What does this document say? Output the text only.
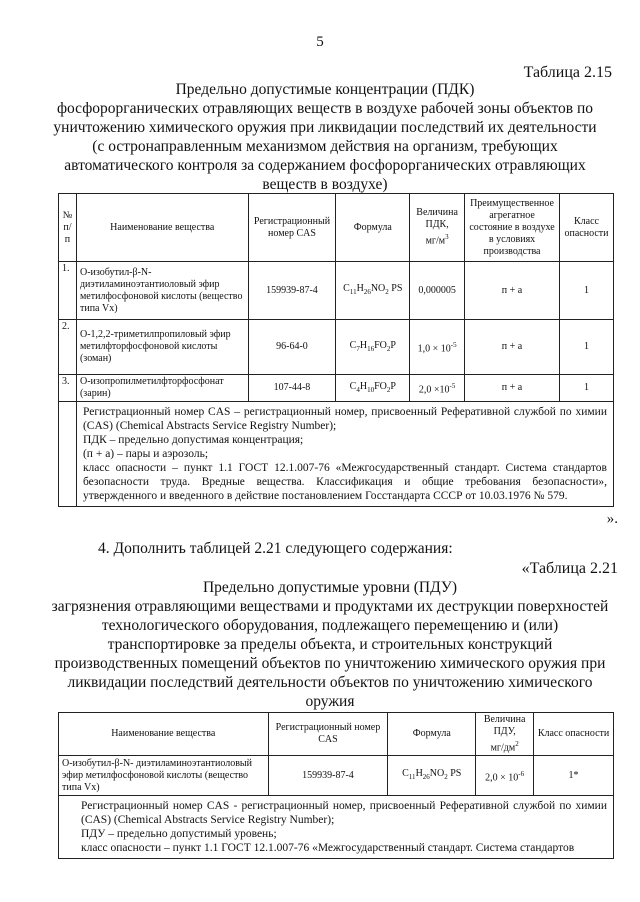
5
Таблица 2.15
Предельно допустимые концентрации (ПДК)
фосфорорганических отравляющих веществ в воздухе рабочей зоны объектов по
уничтожению химического оружия при ликвидации последствий их деятельности
(с остронаправленным механизмом действия на организм, требующих
автоматического контроля за содержанием фосфорорганических отравляющих
веществ в воздухе)
№ п/п	Наименование вещества	Регистрационный номер CAS	Формула	Величина ПДК,
$мг/м^3$	Преимущественное агрегатное состояние в воздухе в условиях производства	Класс опасности
1.	О-изобутил-β-N-диэтиламиноэтантиоловый эфир метилфосфоновой кислоты (вещество типа Vx)	159939-87-4	$C_{11}H_{26}NO_2$ PS	0,000005	п + а	1
2.	О-1,2,2-триметилпропиловый эфир метилфторфосфоновой кислоты (зоман)	96-64-0	$C_7H_{16}FO_2P$	$1,0 \times 10^{-5}$	п + а	1
3.	О-изопропилметилфторфосфонат (зарин)	107-44-8	$C_4H_{10}FO_2P$	$2,0 \times 10^{-5}$	п + а	1

	Регистрационный номер CAS – регистрационный номер, присвоенный Реферативной службой по химии (CAS) (Chemical Abstracts Service Registry Number);
ПДК – предельно допустимая концентрация;
(п + а) – пары и аэрозоль;
класс опасности – пункт 1.1 ГОСТ 12.1.007-76 «Межгосударственный стандарт. Система стандартов безопасности труда. Вредные вещества. Классификация и общие требования безопасности», утвержденного и введенного в действие постановлением Госстандарта СССР от 10.03.1976 № 579.					
».
4. Дополнить таблицей 2.21 следующего содержания:
«Таблица 2.21
Предельно допустимые уровни (ПДУ)
загрязнения отравляющими веществами и продуктами их деструкции поверхностей
технологического оборудования, подлежащего перемещению и (или)
транспортировке за пределы объекта, и строительных конструкций
производственных помещений объектов по уничтожению химического оружия при
ликвидации последствий деятельности объектов по уничтожению химического
оружия
Наименование вещества	Регистрационный номер CAS	Формула	Величина ПДУ,
$мг/дм^2$	Класс опасности
О-изобутил-β-N- диэтиламиноэтантиоловый эфир метилфосфоновой кислоты (вещество типа Vx)	159939-87-4	$C_{11}H_{26}NO_2$ PS	$2,0 \times 10^{-6}$	1*

Регистрационный номер CAS - регистрационный номер, присвоенный Реферативной службой по химии (CAS) (Chemical Abstracts Service Registry Number);
ПДУ – предельно допустимый уровень;
класс опасности – пункт 1.1 ГОСТ 12.1.007-76 «Межгосударственный стандарт. Система стандартов				
